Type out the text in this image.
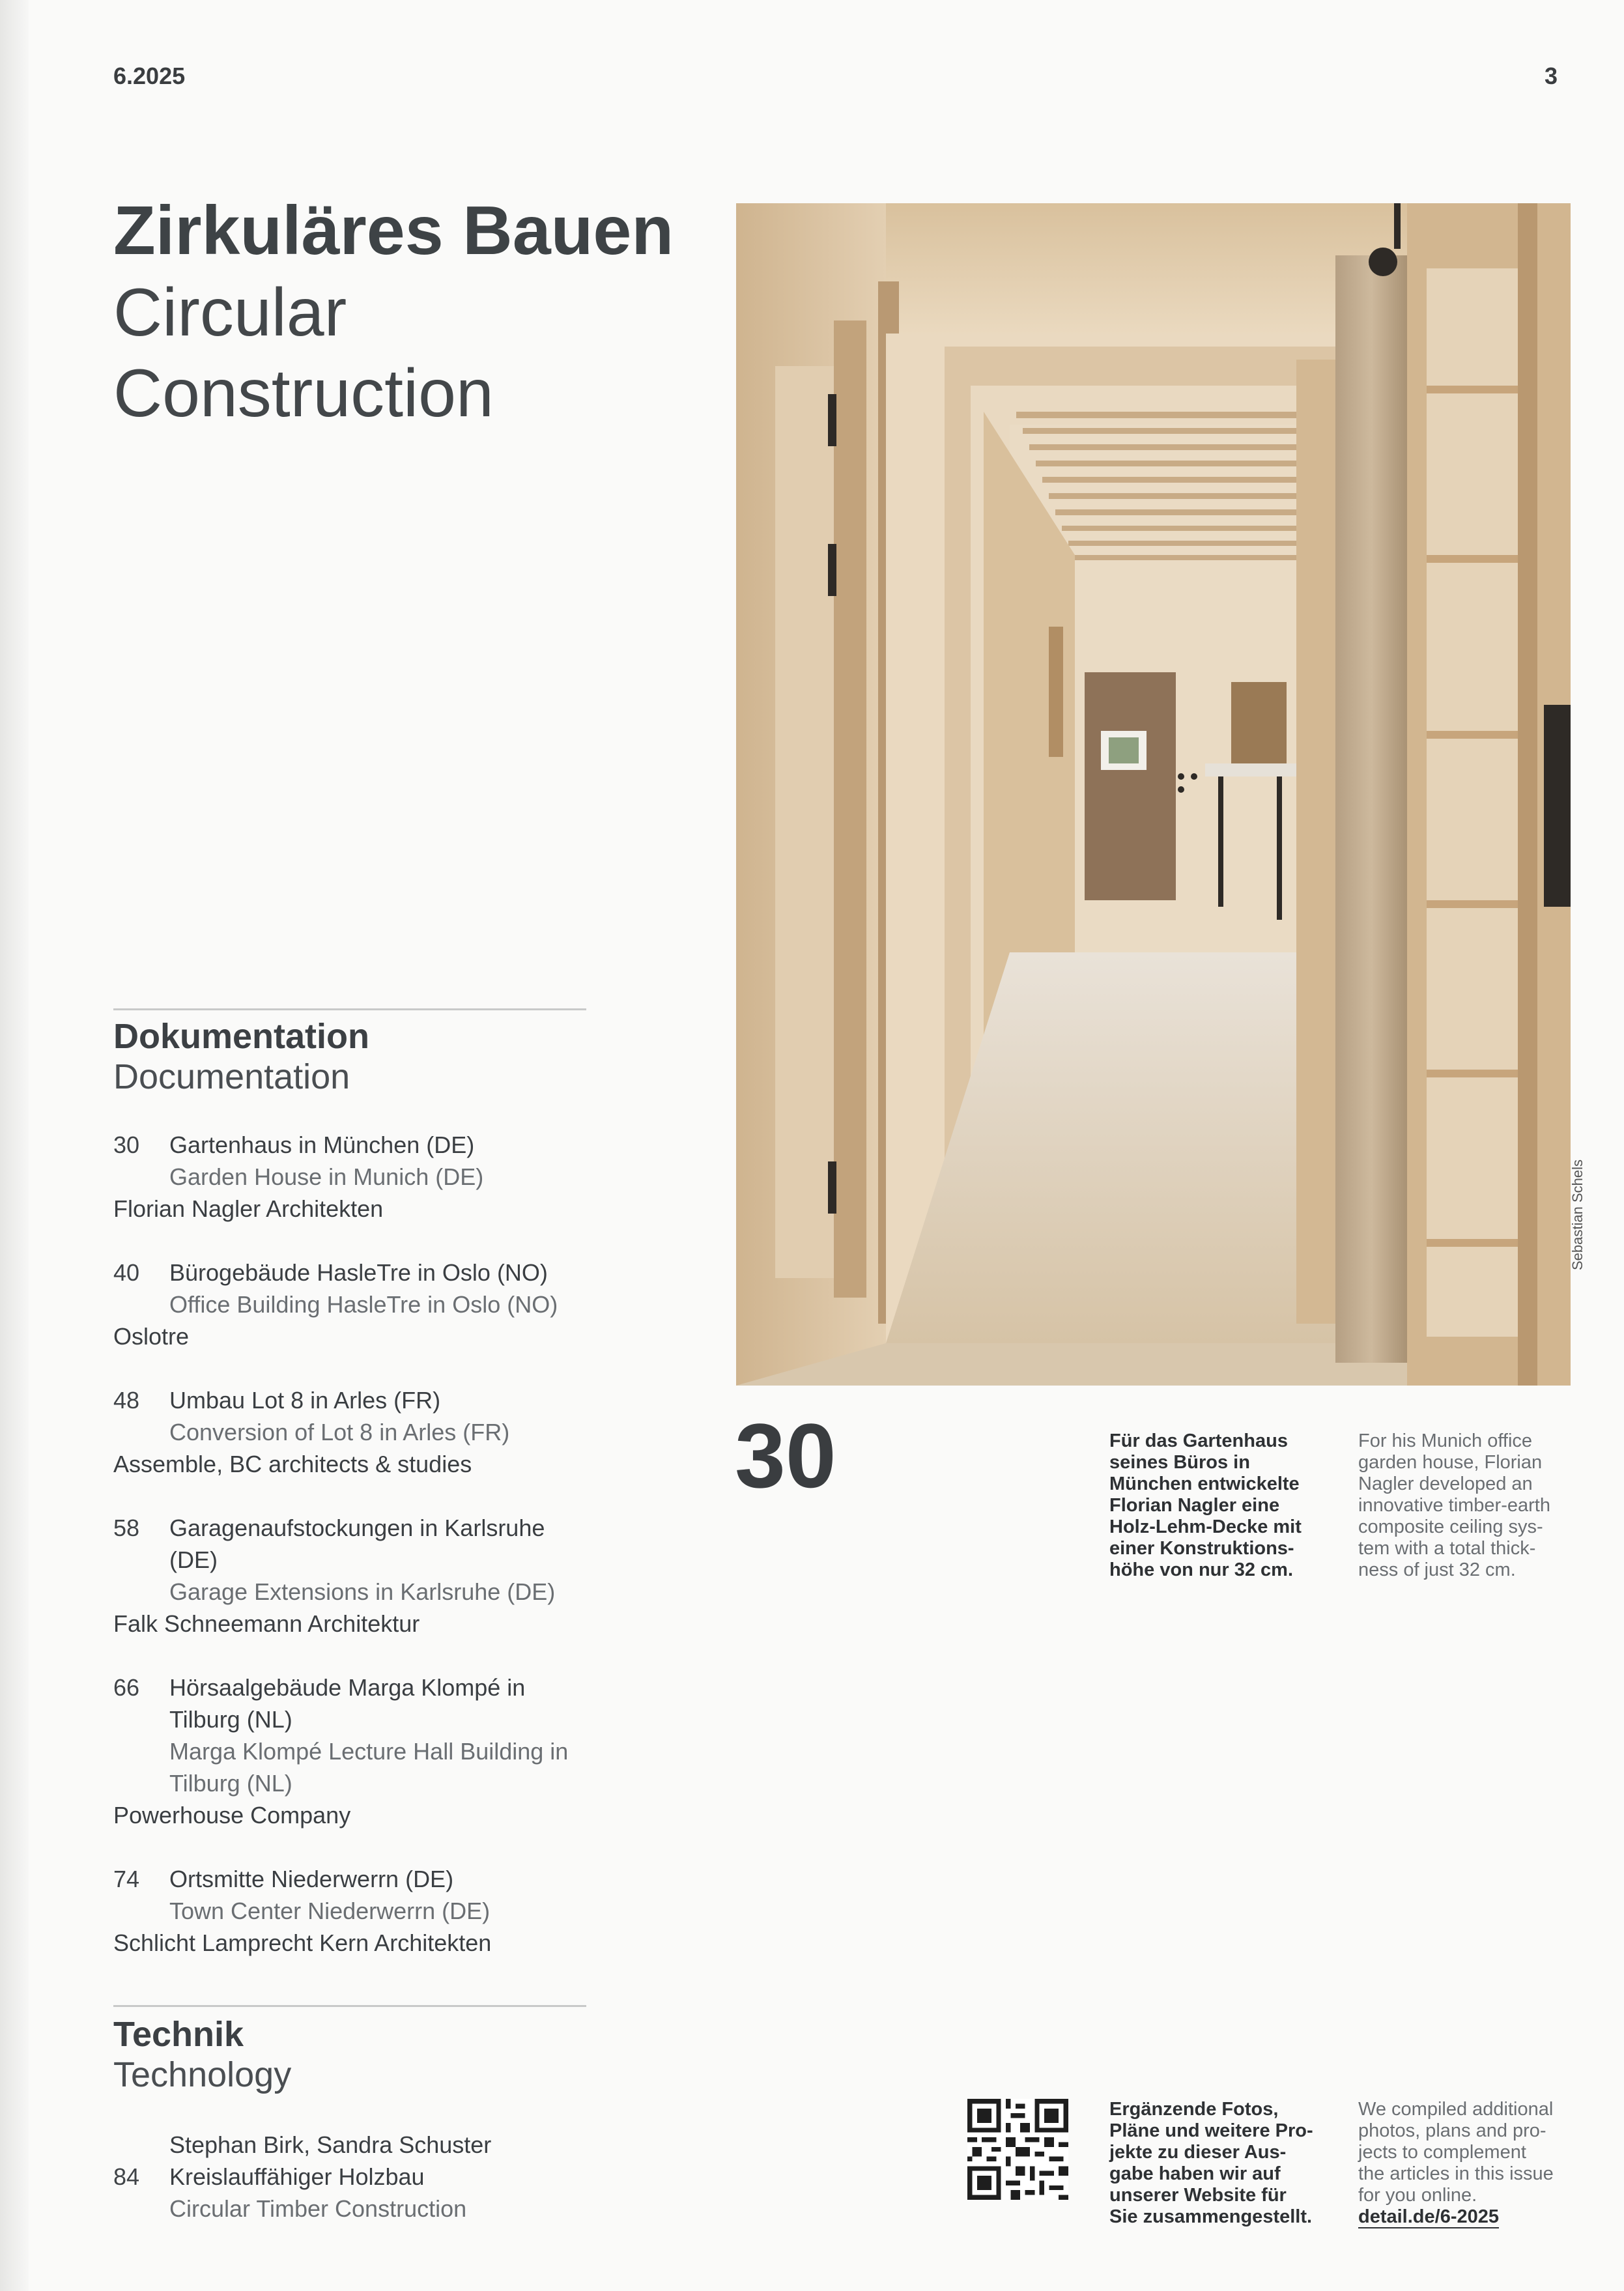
6.2025	3
Zirkuläres Bauen
Circular
Construction
Dokumentation
Documentation
30 Gartenhaus in München (DE)
Garden House in Munich (DE)
Florian Nagler Architekten
40 Bürogebäude HasleTre in Oslo (NO)
Office Building HasleTre in Oslo (NO)
Oslotre
48 Umbau Lot 8 in Arles (FR)
Conversion of Lot 8 in Arles (FR)
Assemble, BC architects & studies
58 Garagenaufstockungen in Karlsruhe
(DE)
Garage Extensions in Karlsruhe (DE)
Falk Schneemann Architektur
66 Hörsaalgebäude Marga Klompé in
Tilburg (NL)
Marga Klompé Lecture Hall Building in
Tilburg (NL)
Powerhouse Company
74 Ortsmitte Niederwerrn (DE)
Town Center Niederwerrn (DE)
Schlicht Lamprecht Kern Architekten
Technik
Technology
Stephan Birk, Sandra Schuster
84 Kreislauffähiger Holzbau
Circular Timber Construction
Sebastian Schels
30	Für das Gartenhaus
seines Büros in
München entwickelte
Florian Nagler eine
Holz-Lehm-Decke mit
einer Konstruktions-
höhe von nur 32 cm.
For his Munich office
garden house, Florian
Nagler developed an
innovative timber-earth
composite ceiling sys-
tem with a total thick-
ness of just 32 cm.
Ergänzende Fotos,
Pläne und weitere Pro-
jekte zu dieser Aus-
gabe haben wir auf
unserer Website für
Sie zusammengestellt.
We compiled additional
photos, plans and pro-
jects to complement
the articles in this issue
for you online.
detail.de/6-2025
